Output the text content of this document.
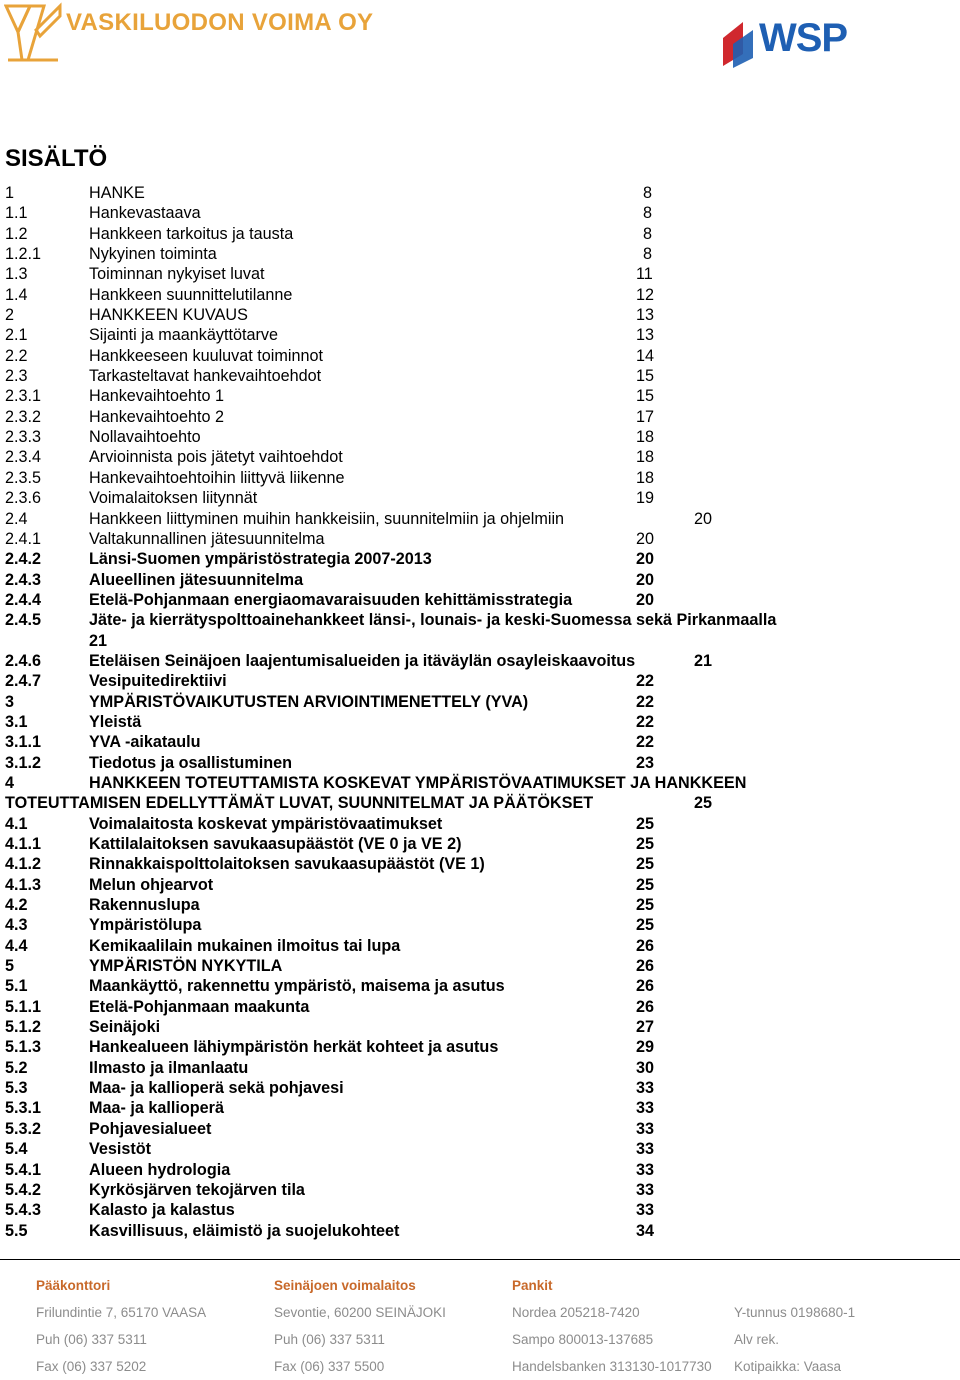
VASKILUODON VOIMA OY	WSP
SISÄLTÖ
1	HANKE	8
1.1	Hankevastaava	8
1.2	Hankkeen tarkoitus ja tausta	8
1.2.1	Nykyinen toiminta	8
1.3	Toiminnan nykyiset luvat	11
1.4	Hankkeen suunnittelutilanne	12
2	HANKKEEN KUVAUS	13
2.1	Sijainti ja maankäyttötarve	13
2.2	Hankkeeseen kuuluvat toiminnot	14
2.3	Tarkasteltavat hankevaihtoehdot	15
2.3.1	Hankevaihtoehto 1	15
2.3.2	Hankevaihtoehto 2	17
2.3.3	Nollavaihtoehto	18
2.3.4	Arvioinnista pois jätetyt vaihtoehdot	18
2.3.5	Hankevaihtoehtoihin liittyvä liikenne	18
2.3.6	Voimalaitoksen liitynnät	19
2.4	Hankkeen liittyminen muihin hankkeisiin, suunnitelmiin ja ohjelmiin	20
2.4.1	Valtakunnallinen jätesuunnitelma	20
2.4.2	Länsi-Suomen ympäristöstrategia 2007-2013	20
2.4.3	Alueellinen jätesuunnitelma	20
2.4.4	Etelä-Pohjanmaan energiaomavaraisuuden kehittämisstrategia	20
2.4.5	Jäte- ja kierrätyspolttoainehankkeet länsi-, lounais- ja keski-Suomessa sekä Pirkanmaalla
21
2.4.6	Eteläisen Seinäjoen laajentumisalueiden ja itäväylän osayleiskaavoitus	21
2.4.7	Vesipuitedirektiivi	22
3	YMPÄRISTÖVAIKUTUSTEN ARVIOINTIMENETTELY (YVA)	22
3.1	Yleistä	22
3.1.1	YVA -aikataulu	22
3.1.2	Tiedotus ja osallistuminen	23
4	HANKKEEN TOTEUTTAMISTA KOSKEVAT YMPÄRISTÖVAATIMUKSET JA HANKKEEN
TOTEUTTAMISEN EDELLYTTÄMÄT LUVAT, SUUNNITELMAT JA PÄÄTÖKSET	25
4.1	Voimalaitosta koskevat ympäristövaatimukset	25
4.1.1	Kattilalaitoksen savukaasupäästöt (VE 0 ja VE 2)	25
4.1.2	Rinnakkaispolttolaitoksen savukaasupäästöt (VE 1)	25
4.1.3	Melun ohjearvot	25
4.2	Rakennuslupa	25
4.3	Ympäristölupa	25
4.4	Kemikaalilain mukainen ilmoitus tai lupa	26
5	YMPÄRISTÖN NYKYTILA	26
5.1	Maankäyttö, rakennettu ympäristö, maisema ja asutus	26
5.1.1	Etelä-Pohjanmaan maakunta	26
5.1.2	Seinäjoki	27
5.1.3	Hankealueen lähiympäristön herkät kohteet ja asutus	29
5.2	Ilmasto ja ilmanlaatu	30
5.3	Maa- ja kallioperä sekä pohjavesi	33
5.3.1	Maa- ja kallioperä	33
5.3.2	Pohjavesialueet	33
5.4	Vesistöt	33
5.4.1	Alueen hydrologia	33
5.4.2	Kyrkösjärven tekojärven tila	33
5.4.3	Kalasto ja kalastus	33
5.5	Kasvillisuus, eläimistö ja suojelukohteet	34
Pääkonttori
Frilundintie 7, 65170 VAASA
Puh (06) 337 5311
Fax (06) 337 5202
Seinäjoen voimalaitos
Sevontie, 60200 SEINÄJOKI
Puh (06) 337 5311
Fax (06) 337 5500
Pankit
Nordea 205218-7420
Sampo 800013-137685
Handelsbanken 313130-1017730
Y-tunnus 0198680-1
Alv rek.
Kotipaikka: Vaasa
